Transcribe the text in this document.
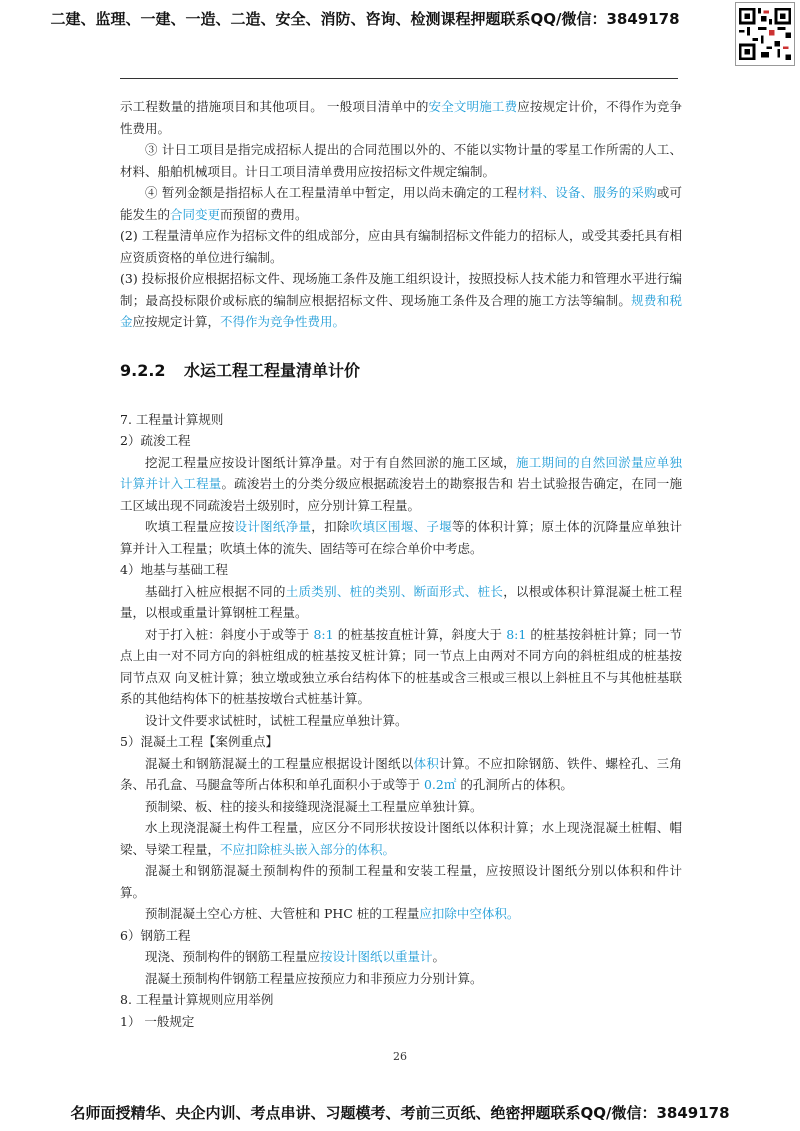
二建、监理、一建、一造、二造、安全、消防、咨询、检测课程押题联系QQ/微信：3849178

示工程数量的措施项目和其他项目。 一般项目清单中的安全文明施工费应按规定计价，不得作为竞争性费用。

③ 计日工项目是指完成招标人提出的合同范围以外的、不能以实物计量的零星工作所需的人工、材料、船舶机械项目。计日工项目清单费用应按招标文件规定编制。

④ 暂列金额是指招标人在工程量清单中暂定，用以尚未确定的工程材料、设备、服务的采购或可能发生的合同变更而预留的费用。

(2) 工程量清单应作为招标文件的组成部分，应由具有编制招标文件能力的招标人，或受其委托具有相应资质资格的单位进行编制。

(3) 投标报价应根据招标文件、现场施工条件及施工组织设计，按照投标人技术能力和管理水平进行编制；最高投标限价或标底的编制应根据招标文件、现场施工条件及合理的施工方法等编制。规费和税金应按规定计算，不得作为竞争性费用。

9.2.2 水运工程工程量清单计价

7. 工程量计算规则

2）疏浚工程

挖泥工程量应按设计图纸计算净量。对于有自然回淤的施工区域，施工期间的自然回淤量应单独计算并计入工程量。疏浚岩土的分类分级应根据疏浚岩土的勘察报告和 岩土试验报告确定，在同一施工区域出现不同疏浚岩土级别时，应分别计算工程量。

吹填工程量应按设计图纸净量，扣除吹填区围堰、子堰等的体积计算；原土体的沉降量应单独计算并计入工程量；吹填土体的流失、固结等可在综合单价中考虑。

4）地基与基础工程

基础打入桩应根据不同的土质类别、桩的类别、断面形式、桩长，以根或体积计算混凝土桩工程量，以根或重量计算钢桩工程量。

对于打入桩：斜度小于或等于 8:1 的桩基按直桩计算，斜度大于 8:1 的桩基按斜桩计算；同一节点上由一对不同方向的斜桩组成的桩基按叉桩计算；同一节点上由两对不同方向的斜桩组成的桩基按同节点双 向叉桩计算；独立墩或独立承台结构体下的桩基或含三根或三根以上斜桩且不与其他桩基联系的其他结构体下的桩基按墩台式桩基计算。

设计文件要求试桩时，试桩工程量应单独计算。

5）混凝土工程【案例重点】

混凝土和钢筋混凝土的工程量应根据设计图纸以体积计算。不应扣除钢筋、铁件、螺栓孔、三角条、吊孔盒、马腿盒等所占体积和单孔面积小于或等于 0.2㎡ 的孔洞所占的体积。

预制梁、板、柱的接头和接缝现浇混凝土工程量应单独计算。

水上现浇混凝土构件工程量，应区分不同形状按设计图纸以体积计算；水上现浇混凝土桩帽、帽梁、导梁工程量，不应扣除桩头嵌入部分的体积。

混凝土和钢筋混凝土预制构件的预制工程量和安装工程量，应按照设计图纸分别以体积和件计算。

预制混凝土空心方桩、大管桩和 PHC 桩的工程量应扣除中空体积。

6）钢筋工程

现浇、预制构件的钢筋工程量应按设计图纸以重量计。

混凝土预制构件钢筋工程量应按预应力和非预应力分别计算。

8. 工程量计算规则应用举例

1） 一般规定

26
名师面授精华、央企内训、考点串讲、习题模考、考前三页纸、绝密押题联系QQ/微信：3849178
